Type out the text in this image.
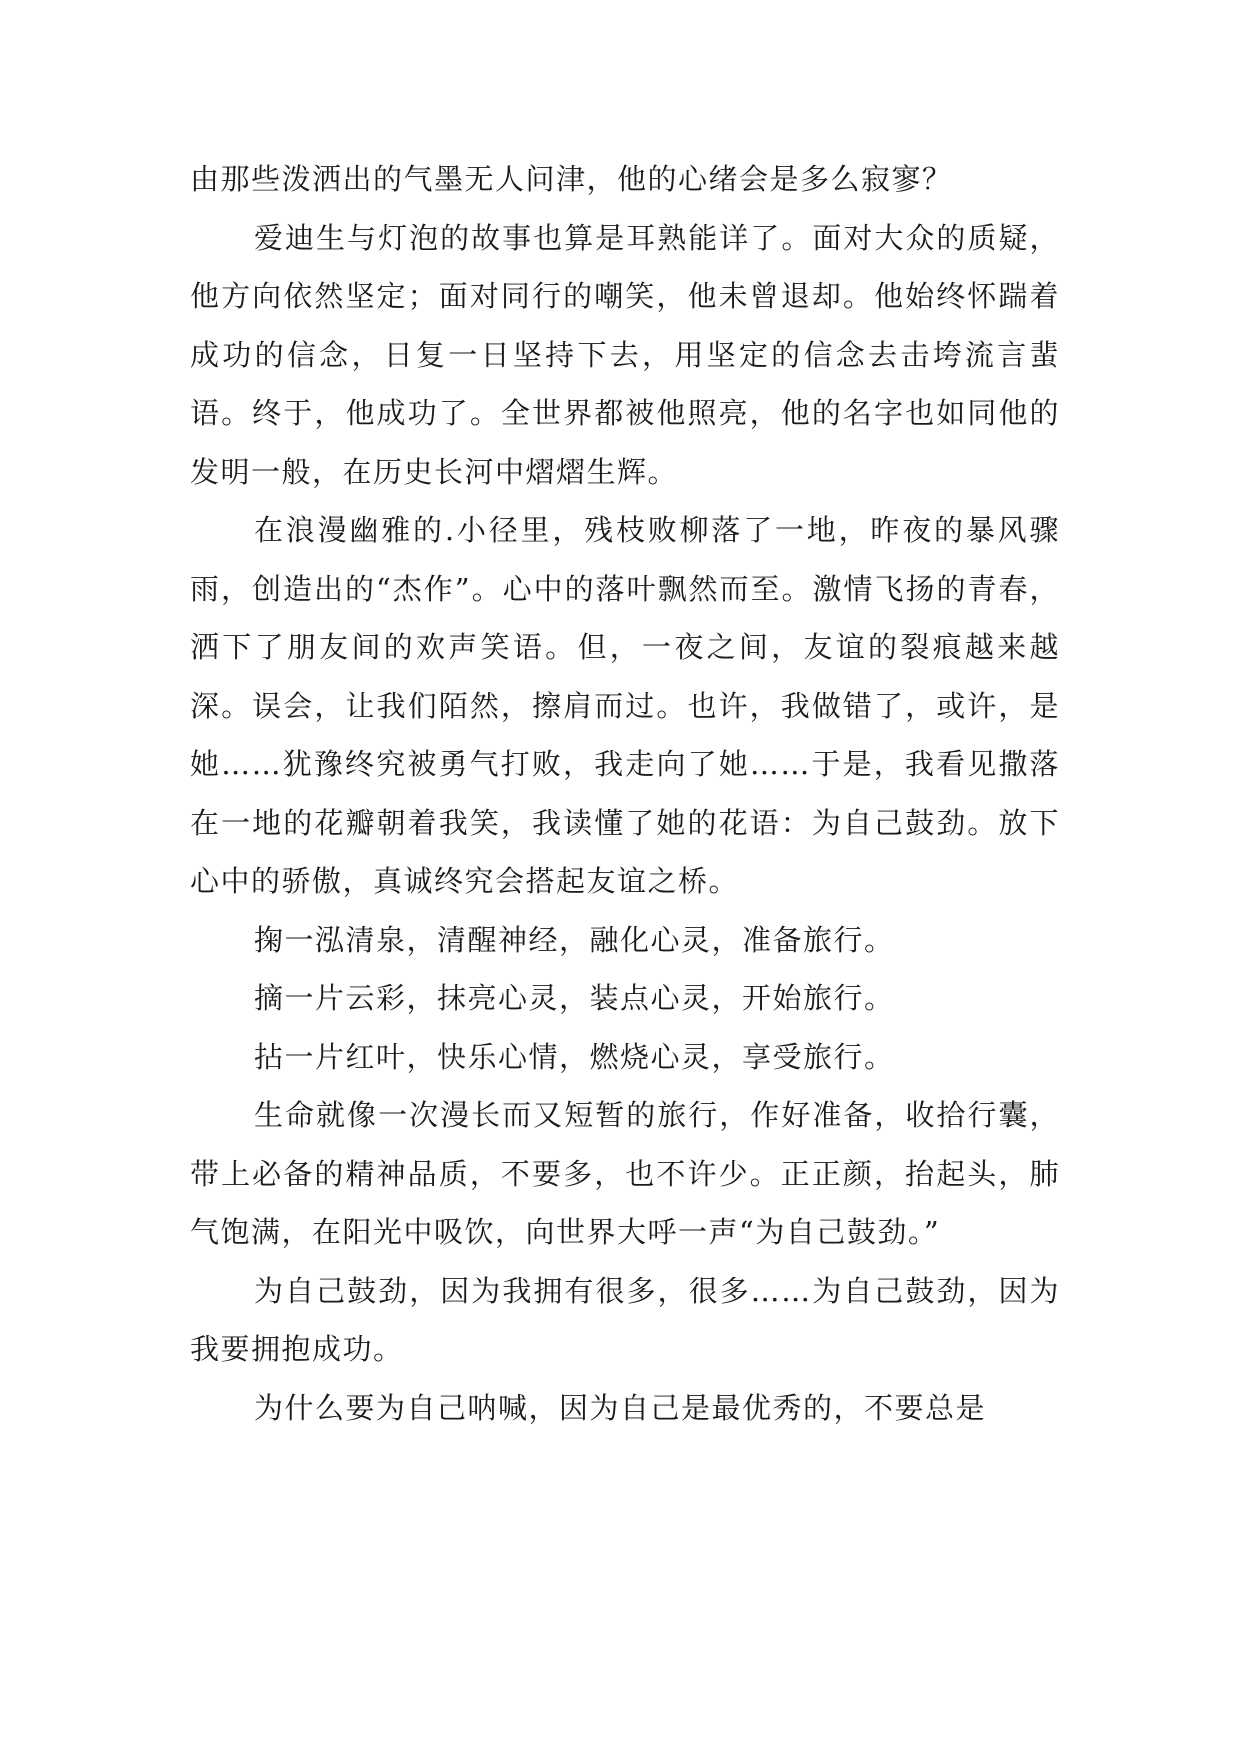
由那些泼洒出的气墨无人问津，他的心绪会是多么寂寥？

爱迪生与灯泡的故事也算是耳熟能详了。面对大众的质疑，他方向依然坚定；面对同行的嘲笑，他未曾退却。他始终怀踹着成功的信念，日复一日坚持下去，用坚定的信念去击垮流言蜚语。终于，他成功了。全世界都被他照亮，他的名字也如同他的发明一般，在历史长河中熠熠生辉。

在浪漫幽雅的.小径里，残枝败柳落了一地，昨夜的暴风骤雨，创造出的“杰作”。心中的落叶飘然而至。激情飞扬的青春，洒下了朋友间的欢声笑语。但，一夜之间，友谊的裂痕越来越深。误会，让我们陌然，擦肩而过。也许，我做错了，或许，是她……犹豫终究被勇气打败，我走向了她……于是，我看见撒落在一地的花瓣朝着我笑，我读懂了她的花语：为自己鼓劲。放下心中的骄傲，真诚终究会搭起友谊之桥。

掬一泓清泉，清醒神经，融化心灵，准备旅行。

摘一片云彩，抹亮心灵，装点心灵，开始旅行。

拈一片红叶，快乐心情，燃烧心灵，享受旅行。

生命就像一次漫长而又短暂的旅行，作好准备，收拾行囊，带上必备的精神品质，不要多，也不许少。正正颜，抬起头，肺气饱满，在阳光中吸饮，向世界大呼一声“为自己鼓劲。”

为自己鼓劲，因为我拥有很多，很多……为自己鼓劲，因为我要拥抱成功。

为什么要为自己呐喊，因为自己是最优秀的，不要总是
